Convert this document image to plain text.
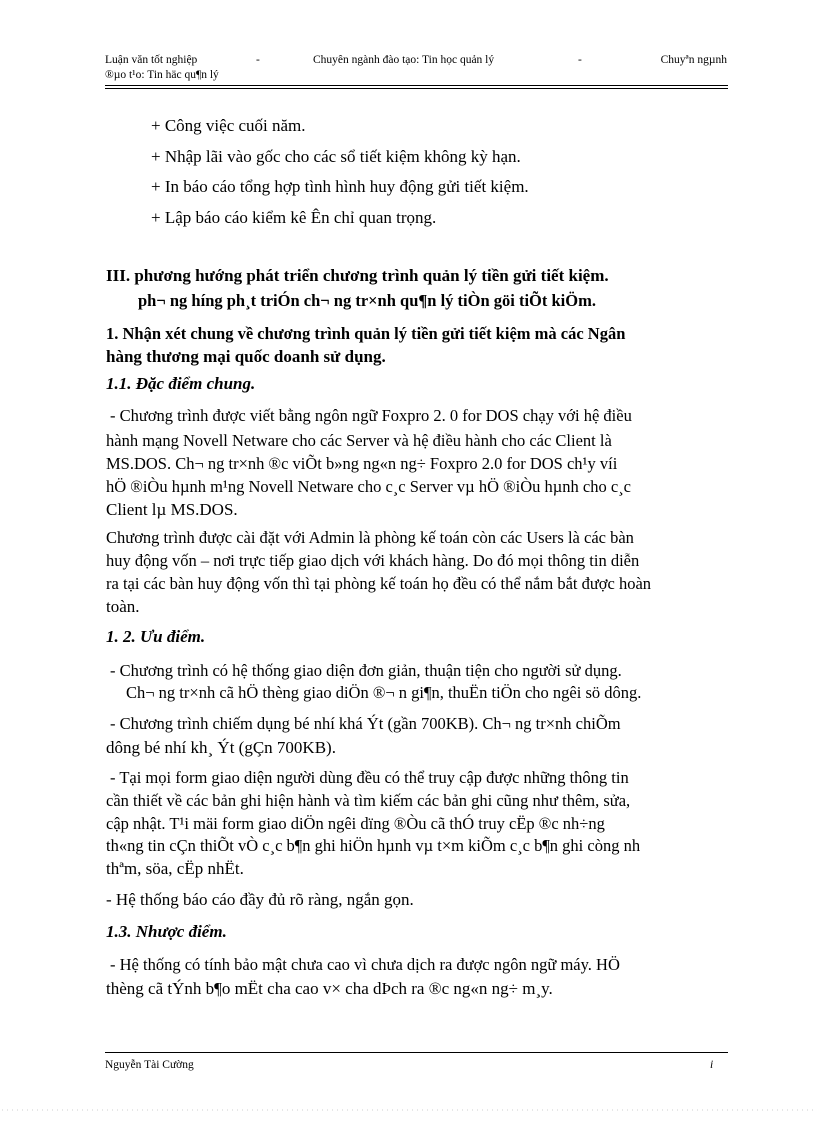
Luận văn tốt nghiệp	-	Chuyên ngành đào tạo: Tin học quản lý	-	Chuyªn ngµnh
®µo t¹o: Tin häc qu¶n lý
+ Công việc cuối năm.
+ Nhập lãi vào gốc cho các sổ tiết kiệm không kỳ hạn.
+ In báo cáo tổng hợp tình hình huy động gửi tiết kiệm.
+ Lập báo cáo kiểm kê Ên chỉ quan trọng.
III. phương hướng phát triển chương trình quản lý tiền gửi tiết kiệm.
ph¬ ng híng ph¸t triÓn ch¬ ng tr×nh qu¶n lý tiÒn göi tiÕt kiÖm.
1. Nhận xét chung về chương trình quản lý tiền gửi tiết kiệm mà các Ngân
hàng thương mại quốc doanh sử dụng.
1.1. Đặc điểm chung.
- Chương trình được viết bằng ngôn ngữ Foxpro 2. 0 for DOS chạy với hệ điều
hành mạng Novell Netware cho các Server và hệ điều hành cho các Client là
MS.DOS. Ch¬ ng tr×nh ®c viÕt b»ng ng«n ng÷ Foxpro 2.0 for DOS ch¹y víi
hÖ ®iÒu hµnh m¹ng Novell Netware cho c¸c Server vµ hÖ ®iÒu hµnh cho c¸c
Client lµ MS.DOS.
Chương trình được cài đặt với Admin là phòng kế toán còn các Users là các bàn
huy động vốn – nơi trực tiếp giao dịch với khách hàng. Do đó mọi thông tin diễn
ra tại các bàn huy động vốn thì tại phòng kế toán họ đều có thể nắm bắt được hoàn
toàn.
1. 2. Ưu điểm.
- Chương trình có hệ thống giao diện đơn giản, thuận tiện cho người sử dụng.
Ch¬ ng tr×nh cã hÖ thèng giao diÖn ®¬ n gi¶n, thuËn tiÖn cho ngêi sö dông.
- Chương trình chiếm dụng bé nhí khá Ýt (gần 700KB). Ch¬ ng tr×nh chiÕm
dông bé nhí kh¸ Ýt (gÇn 700KB).
- Tại mọi form giao diện người dùng đều có thể truy cập được những thông tin
cần thiết về các bản ghi hiện hành và tìm kiếm các bản ghi cũng như thêm, sửa,
cập nhật. T¹i mäi form giao diÖn ngêi dïng ®Òu cã thÓ truy cËp ®c nh÷ng
th«ng tin cÇn thiÕt vÒ c¸c b¶n ghi hiÖn hµnh vµ t×m kiÕm c¸c b¶n ghi còng nh
thªm, söa, cËp nhËt.
- Hệ thống báo cáo đầy đủ rõ ràng, ngắn gọn.
1.3. Nhược điểm.
- Hệ thống có tính bảo mật chưa cao vì chưa dịch ra được ngôn ngữ máy. HÖ
thèng cã tÝnh b¶o mËt cha cao v× cha dÞch ra ®c ng«n ng÷ m¸y.
Nguyễn Tài Cường	i
